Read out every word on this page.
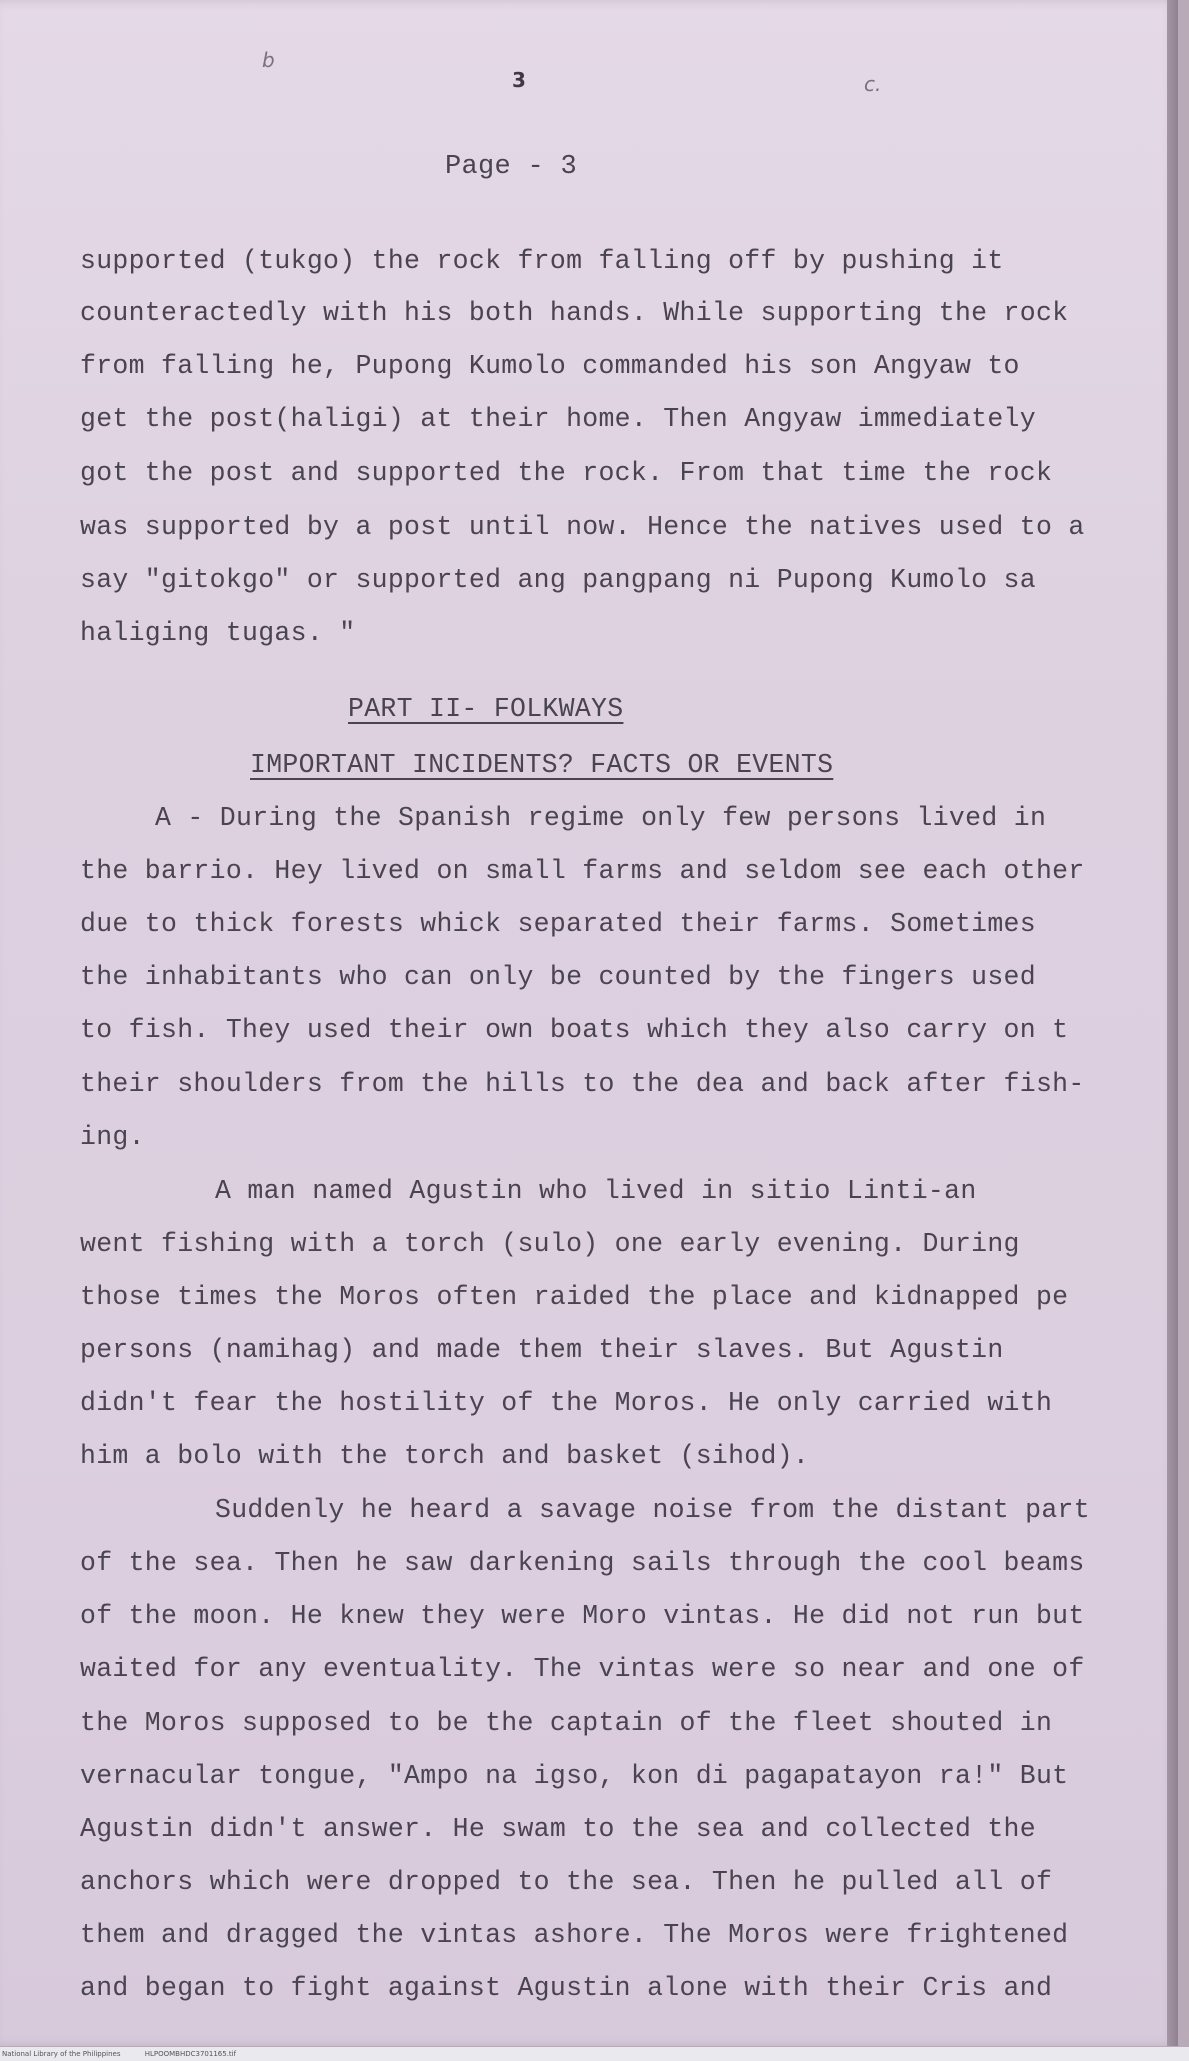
b
3	c.
Page - 3
supported (tukgo) the rock from falling off by pushing it
counteractedly with his both hands. While supporting the rock
from falling he, Pupong Kumolo commanded his son Angyaw to
get the post(haligi) at their home. Then Angyaw immediately
got the post and supported the rock. From that time the rock
was supported by a post until now. Hence the natives used to a
say "gitokgo" or supported ang pangpang ni Pupong Kumolo sa
haliging tugas. "
PART II- FOLKWAYS
IMPORTANT INCIDENTS? FACTS OR EVENTS
A - During the Spanish regime only few persons lived in
the barrio. Hey lived on small farms and seldom see each other
due to thick forests whick separated their farms. Sometimes
the inhabitants who can only be counted by the fingers used
to fish. They used their own boats which they also carry on t
their shoulders from the hills to the dea and back after fish-
ing.
A man named Agustin who lived in sitio Linti-an
went fishing with a torch (sulo) one early evening. During
those times the Moros often raided the place and kidnapped pe
persons (namihag) and made them their slaves. But Agustin
didn't fear the hostility of the Moros. He only carried with
him a bolo with the torch and basket (sihod).
Suddenly he heard a savage noise from the distant part
of the sea. Then he saw darkening sails through the cool beams
of the moon. He knew they were Moro vintas. He did not run but
waited for any eventuality. The vintas were so near and one of
the Moros supposed to be the captain of the fleet shouted in
vernacular tongue, "Ampo na igso, kon di pagapatayon ra!" But
Agustin didn't answer. He swam to the sea and collected the
anchors which were dropped to the sea. Then he pulled all of
them and dragged the vintas ashore. The Moros were frightened
and began to fight against Agustin alone with their Cris and
National Library of the Philippines	HLPOOMBHDC3701165.tif
